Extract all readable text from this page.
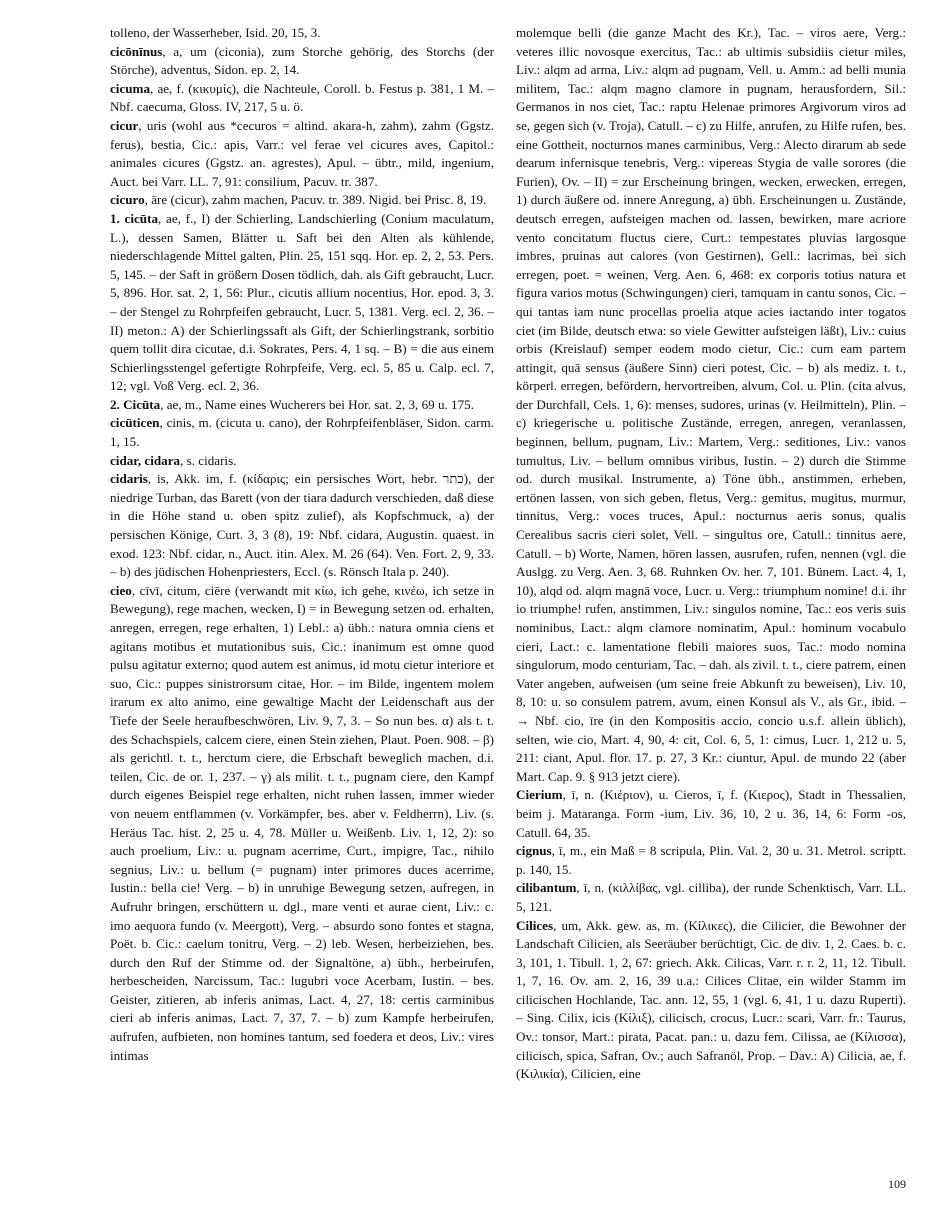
tolleno, der Wasserheber, Isid. 20, 15, 3.

cicōnīnus, a, um (ciconia), zum Storche gehörig, des Storchs (der Störche), adventus, Sidon. ep. 2, 14.

cicuma, ae, f. (κικυμίς), die Nachteule, Coroll. b. Festus p. 381, 1 M. – Nbf. caecuma, Gloss. IV, 217, 5 u. ö.

cicur, uris (wohl aus *cecuros = altind. akara-h, zahm), zahm (Ggstz. ferus), bestia, Cic.: apis, Varr.: vel ferae vel cicures aves, Capitol.: animales cicures (Ggstz. an. agrestes), Apul. – übtr., mild, ingenium, Auct. bei Varr. LL. 7, 91: consilium, Pacuv. tr. 387.

cicuro, āre (cicur), zahm machen, Pacuv. tr. 389. Nigid. bei Prisc. 8, 19.

1. cicūta, ae, f., I) der Schierling, Landschierling (Conium maculatum, L.), dessen Samen, Blätter u. Saft bei den Alten als kühlende, niederschlagende Mittel galten, Plin. 25, 151 sqq. Hor. ep. 2, 2, 53. Pers. 5, 145. – der Saft in größern Dosen tödlich, dah. als Gift gebraucht, Lucr. 5, 896. Hor. sat. 2, 1, 56: Plur., cicutis allium nocentius, Hor. epod. 3, 3. – der Stengel zu Rohrpfeifen gebraucht, Lucr. 5, 1381. Verg. ecl. 2, 36. – II) meton.: A) der Schierlingssaft als Gift, der Schierlingstrank, sorbitio quem tollit dira cicutae, d.i. Sokrates, Pers. 4, 1 sq. – B) = die aus einem Schierlingsstengel gefertigte Rohrpfeife, Verg. ecl. 5, 85 u. Calp. ecl. 7, 12; vgl. Voß Verg. ecl. 2, 36.

2. Cicūta, ae, m., Name eines Wucherers bei Hor. sat. 2, 3, 69 u. 175.

cicūticen, cinis, m. (cicuta u. cano), der Rohrpfeifenbläser, Sidon. carm. 1, 15.

cidar, cidara, s. cidaris.

cidaris, is, Akk. im, f. (κίδαρις; ein persisches Wort, hebr. כתר), der niedrige Turban, das Barett (von der tiara dadurch verschieden, daß diese in die Höhe stand u. oben spitz zulief), als Kopfschmuck, a) der persischen Könige, Curt. 3, 3 (8), 19: Nbf. cidara, Augustin. quaest. in exod. 123: Nbf. cidar, n., Auct. itin. Alex. M. 26 (64). Ven. Fort. 2, 9, 33. – b) des jüdischen Hohenpriesters, Eccl. (s. Rönsch Itala p. 240).

cieo, cīvī, citum, ciēre (verwandt mit κίω, ich gehe, κινέω, ich setze in Bewegung), rege machen, wecken, I) = in Bewegung setzen od. erhalten, anregen, erregen, rege erhalten, 1) Lebl.: a) übh.: natura omnia ciens et agitans motibus et mutationibus suis, Cic.: inanimum est omne quod pulsu agitatur externo; quod autem est animus, id motu cietur interiore et suo, Cic.: puppes sinistrorsum citae, Hor. – im Bilde, ingentem molem irarum ex alto animo, eine gewaltige Macht der Leidenschaft aus der Tiefe der Seele heraufbeschwören, Liv. 9, 7, 3. – So nun bes. α) als t. t. des Schachspiels, calcem ciere, einen Stein ziehen, Plaut. Poen. 908. – β) als gerichtl. t. t., herctum ciere, die Erbschaft beweglich machen, d.i. teilen, Cic. de or. 1, 237. – γ) als milit. t. t., pugnam ciere, den Kampf durch eigenes Beispiel rege erhalten, nicht ruhen lassen, immer wieder von neuem entflammen (v. Vorkämpfer, bes. aber v. Feldherrn), Liv. (s. Heräus Tac. hist. 2, 25 u. 4, 78. Müller u. Weißenb. Liv. 1, 12, 2): so auch proelium, Liv.: u. pugnam acerrime, Curt., impigre, Tac., nihilo segnius, Liv.: u. bellum (= pugnam) inter primores duces acerrime, Iustin.: bella cie! Verg. – b) in unruhige Bewegung setzen, aufregen, in Aufruhr bringen, erschüttern u. dgl., mare venti et aurae cient, Liv.: c. imo aequora fundo (v. Meergott), Verg. – absurdo sono fontes et stagna, Poët. b. Cic.: caelum tonitru, Verg. – 2) leb. Wesen, herbeiziehen, bes. durch den Ruf der Stimme od. der Signaltöne, a) übh., herbeirufen, herbescheiden, Narcissum, Tac.: lugubri voce Acerbam, Iustin. – bes. Geister, zitieren, ab inferis animas, Lact. 4, 27, 18: certis carminibus cieri ab inferis animas, Lact. 7, 37, 7. – b) zum Kampfe herbeirufen, aufrufen, aufbieten, non homines tantum, sed foedera et deos, Liv.: vires intimas

molemque belli (die ganze Macht des Kr.), Tac. – viros aere, Verg.: veteres illic novosque exercitus, Tac.: ab ultimis subsidiis cietur miles, Liv.: alqm ad arma, Liv.: alqm ad pugnam, Vell. u. Amm.: ad belli munia militem, Tac.: alqm magno clamore in pugnam, herausfordern, Sil.: Germanos in nos ciet, Tac.: raptu Helenae primores Argivorum viros ad se, gegen sich (v. Troja), Catull. – c) zu Hilfe, anrufen, zu Hilfe rufen, bes. eine Gottheit, nocturnos manes carminibus, Verg.: Alecto dirarum ab sede dearum infernisque tenebris, Verg.: vipereas Stygia de valle sorores (die Furien), Ov. – II) = zur Erscheinung bringen, wecken, erwecken, erregen, 1) durch äußere od. innere Anregung, a) übh. Erscheinungen u. Zustände, deutsch erregen, aufsteigen machen od. lassen, bewirken, mare acriore vento concitatum fluctus ciere, Curt.: tempestates pluvias largosque imbres, pruinas aut calores (von Gestirnen), Gell.: lacrimas, bei sich erregen, poet. = weinen, Verg. Aen. 6, 468: ex corporis totius natura et figura varios motus (Schwingungen) cieri, tamquam in cantu sonos, Cic. – qui tantas iam nunc procellas proelia atque acies iactando inter togatos ciet (im Bilde, deutsch etwa: so viele Gewitter aufsteigen läßt), Liv.: cuius orbis (Kreislauf) semper eodem modo cietur, Cic.: cum eam partem attingit, quā sensus (äußere Sinn) cieri potest, Cic. – b) als mediz. t. t., körperl. erregen, befördern, hervortreiben, alvum, Col. u. Plin. (cita alvus, der Durchfall, Cels. 1, 6): menses, sudores, urinas (v. Heilmitteln), Plin. – c) kriegerische u. politische Zustände, erregen, anregen, veranlassen, beginnen, bellum, pugnam, Liv.: Martem, Verg.: seditiones, Liv.: vanos tumultus, Liv. – bellum omnibus viribus, Iustin. – 2) durch die Stimme od. durch musikal. Instrumente, a) Töne übh., anstimmen, erheben, ertönen lassen, von sich geben, fletus, Verg.: gemitus, mugitus, murmur, tinnitus, Verg.: voces truces, Apul.: nocturnus aeris sonus, qualis Cerealibus sacris cieri solet, Vell. – singultus ore, Catull.: tinnitus aere, Catull. – b) Worte, Namen, hören lassen, ausrufen, rufen, nennen (vgl. die Auslgg. zu Verg. Aen. 3, 68. Ruhnken Ov. her. 7, 101. Bünem. Lact. 4, 1, 10), alqd od. alqm magnā voce, Lucr. u. Verg.: triumphum nomine! d.i. ihr io triumphe! rufen, anstimmen, Liv.: singulos nomine, Tac.: eos veris suis nominibus, Lact.: alqm clamore nominatim, Apul.: hominum vocabulo cieri, Lact.: c. lamentatione flebili maiores suos, Tac.: modo nomina singulorum, modo centuriam, Tac. – dah. als zivil. t. t., ciere patrem, einen Vater angeben, aufweisen (um seine freie Abkunft zu beweisen), Liv. 10, 8, 10: u. so consulem patrem, avum, einen Konsul als V., als Gr., ibid. – → Nbf. cio, īre (in den Kompositis accio, concio u.s.f. allein üblich), selten, wie cio, Mart. 4, 90, 4: cit, Col. 6, 5, 1: cimus, Lucr. 1, 212 u. 5, 211: ciant, Apul. flor. 17. p. 27, 3 Kr.: ciuntur, Apul. de mundo 22 (aber Mart. Cap. 9. § 913 jetzt ciere).

Cierium, ī, n. (Κιέριον), u. Cieros, ī, f. (Κιερος), Stadt in Thessalien, beim j. Mataranga. Form -ium, Liv. 36, 10, 2 u. 36, 14, 6: Form -os, Catull. 64, 35.

cignus, ī, m., ein Maß = 8 scripula, Plin. Val. 2, 30 u. 31. Metrol. scriptt. p. 140, 15.

cilibantum, ī, n. (κιλλίβας, vgl. cilliba), der runde Schenktisch, Varr. LL. 5, 121.

Cilices, um, Akk. gew. as, m. (Κίλικες), die Cilicier, die Bewohner der Landschaft Cilicien, als Seeräuber berüchtigt, Cic. de div. 1, 2. Caes. b. c. 3, 101, 1. Tibull. 1, 2, 67: griech. Akk. Cilicas, Varr. r. r. 2, 11, 12. Tibull. 1, 7, 16. Ov. am. 2, 16, 39 u.a.: Cilices Clitae, ein wilder Stamm im cilicischen Hochlande, Tac. ann. 12, 55, 1 (vgl. 6, 41, 1 u. dazu Ruperti). – Sing. Cilix, icis (Κίλιξ), cilicisch, crocus, Lucr.: scari, Varr. fr.: Taurus, Ov.: tonsor, Mart.: pirata, Pacat. pan.: u. dazu fem. Cilissa, ae (Κίλισσα), cilicisch, spica, Safran, Ov.; auch Safranöl, Prop. – Dav.: A) Cilicia, ae, f. (Κιλικία), Cilicien, eine

109
